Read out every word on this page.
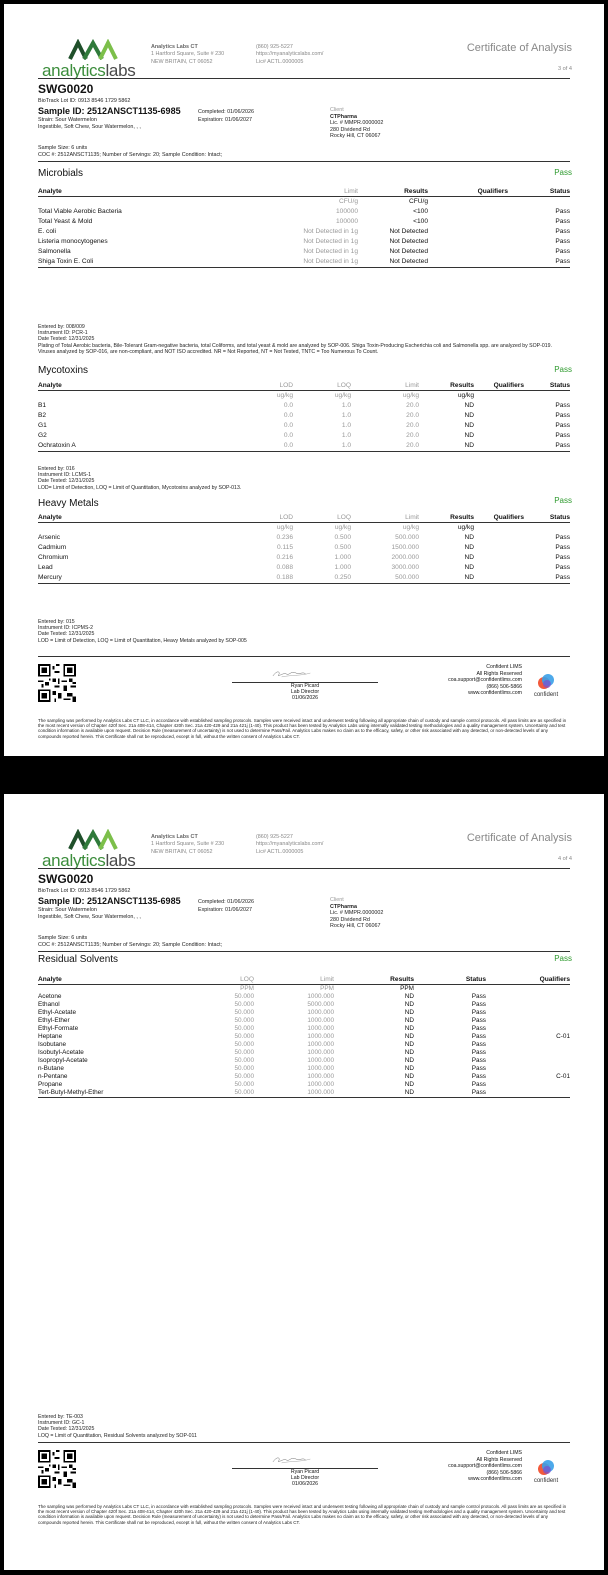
analyticslabs
Analytics Labs CT
1 Hartford Square, Suite # 230
NEW BRITAIN, CT 06052
(860) 925-5227
https://myanalyticslabs.com/
Lic# ACTL.0000005
Certificate of Analysis
3 of 4
SWG0020
BioTrack Lot ID: 0913 8546 1729 5862
Sample ID: 2512ANSCT1135-6985
Strain: Sour Watermelon
Ingestible, Soft Chew, Sour Watermelon, , ,
Completed: 01/06/2026
Expiration: 01/06/2027
Client
CTPharma
Lic. # MMPR.0000002
280 Dividend Rd
Rocky Hill, CT 06067
Sample Size: 6 units
COC #: 2512ANSCT1135; Number of Servings: 20; Sample Condition: Intact;
Microbials	Pass
Analyte	Limit	Results	Qualifiers	Status
	CFU/g	CFU/g		
Total Viable Aerobic Bacteria	100000	<100		Pass
Total Yeast & Mold	100000	<100		Pass
E. coli	Not Detected in 1g	Not Detected		Pass
Listeria monocytogenes	Not Detected in 1g	Not Detected		Pass
Salmonella	Not Detected in 1g	Not Detected		Pass
Shiga Toxin E. Coli	Not Detected in 1g	Not Detected		Pass
Entered by: 008/009
Instrument ID: PCR-1
Date Tested: 12/31/2025
Plating of Total Aerobic bacteria, Bile-Tolerant Gram-negative bacteria, total Coliforms, and total yeast & mold are analyzed by SOP-006. Shiga Toxin-Producing Escherichia coli and Salmonella spp. are analyzed by SOP-019. Viruses analyzed by SOP-016, are non-compliant, and NOT ISO accredited. NR = Not Reported, NT = Not Tested, TNTC = Too Numerous To Count.
Mycotoxins	Pass
Analyte	LOD	LOQ	Limit	Results	Qualifiers	Status
	ug/kg	ug/kg	ug/kg	ug/kg		
B1	0.0	1.0	20.0	ND		Pass
B2	0.0	1.0	20.0	ND		Pass
G1	0.0	1.0	20.0	ND		Pass
G2	0.0	1.0	20.0	ND		Pass
Ochratoxin A	0.0	1.0	20.0	ND		Pass
Entered by: 016
Instrument ID: LCMS-1
Date Tested: 12/31/2025
LOD= Limit of Detection, LOQ = Limit of Quantitation, Mycotoxins analyzed by SOP-013.
Pass
Heavy Metals
Analyte	LOD	LOQ	Limit	Results	Qualifiers	Status
	ug/kg	ug/kg	ug/kg	ug/kg		
Arsenic	0.236	0.500	500.000	ND		Pass
Cadmium	0.115	0.500	1500.000	ND		Pass
Chromium	0.216	1.000	2000.000	ND		Pass
Lead	0.088	1.000	3000.000	ND		Pass
Mercury	0.188	0.250	500.000	ND		Pass
Entered by: 015
Instrument ID: ICPMS-2
Date Tested: 12/31/2025
LOD = Limit of Detection, LOQ = Limit of Quantitation, Heavy Metals analyzed by SOP-005
Ryan Picard
Lab Director
01/06/2026
Confident LIMS
All Rights Reserved
coa.support@confidentlims.com
(866) 506-5866
www.confidentlims.com	confident
The sampling was performed by Analytics Labs CT LLC, in accordance with established sampling protocols. Samples were received intact and underwent testing following all appropriate chain of custody and sample control protocols. All pass limits are as specified in the most recent version of Chapter 420f Sec. 21a 408-414, Chapter 420h Sec. 21a 420-429 and 21a 421j (1-40). This product has been tested by Analytics Labs using internally validated testing methodologies and a quality management system. Uncertainty and test condition information is available upon request. Decision Rule (measurement of uncertainty) is not used to determine Pass/Fail. Analytics Labs makes no claim as to the efficacy, safety, or other risk associated with any detected, or non-detected levels of any compounds reported herein. This Certificate shall not be reproduced, except in full, without the written consent of Analytics Labs CT.
analyticslabs
Analytics Labs CT
1 Hartford Square, Suite # 230
NEW BRITAIN, CT 06052
(860) 925-5227
https://myanalyticslabs.com/
Lic# ACTL.0000005
Certificate of Analysis
4 of 4
SWG0020
BioTrack Lot ID: 0913 8546 1729 5862
Sample ID: 2512ANSCT1135-6985
Strain: Sour Watermelon
Ingestible, Soft Chew, Sour Watermelon, , ,
Completed: 01/06/2026
Expiration: 01/06/2027
Client
CTPharma
Lic. # MMPR.0000002
280 Dividend Rd
Rocky Hill, CT 06067
Sample Size: 6 units
COC #: 2512ANSCT1135; Number of Servings: 20; Sample Condition: Intact;
Residual Solvents	Pass
Analyte	LOQ	Limit	Results	Status	Qualifiers
	PPM	PPM	PPM		
Acetone	50.000	1000.000	ND	Pass	
Ethanol	50.000	5000.000	ND	Pass	
Ethyl-Acetate	50.000	1000.000	ND	Pass	
Ethyl-Ether	50.000	1000.000	ND	Pass	
Ethyl-Formate	50.000	1000.000	ND	Pass	
Heptane	50.000	1000.000	ND	Pass	C-01
Isobutane	50.000	1000.000	ND	Pass	
Isobutyl-Acetate	50.000	1000.000	ND	Pass	
Isopropyl-Acetate	50.000	1000.000	ND	Pass	
n-Butane	50.000	1000.000	ND	Pass	
n-Pentane	50.000	1000.000	ND	Pass	C-01
Propane	50.000	1000.000	ND	Pass	
Tert-Butyl-Methyl-Ether	50.000	1000.000	ND	Pass	
Entered by: TE-003
Instrument ID: GC-1
Date Tested: 12/31/2025
LOQ = Limit of Quantitation, Residual Solvents analyzed by SOP-011
Ryan Picard
Lab Director
01/06/2026
Confident LIMS
All Rights Reserved
coa.support@confidentlims.com
(866) 506-5866
www.confidentlims.com	confident
The sampling was performed by Analytics Labs CT LLC, in accordance with established sampling protocols. Samples were received intact and underwent testing following all appropriate chain of custody and sample control protocols. All pass limits are as specified in the most recent version of Chapter 420f Sec. 21a 408-414, Chapter 420h Sec. 21a 420-429 and 21a 421j (1-40). This product has been tested by Analytics Labs using internally validated testing methodologies and a quality management system. Uncertainty and test condition information is available upon request. Decision Rule (measurement of uncertainty) is not used to determine Pass/Fail. Analytics Labs makes no claim as to the efficacy, safety, or other risk associated with any detected, or non-detected levels of any compounds reported herein. This Certificate shall not be reproduced, except in full, without the written consent of Analytics Labs CT.
